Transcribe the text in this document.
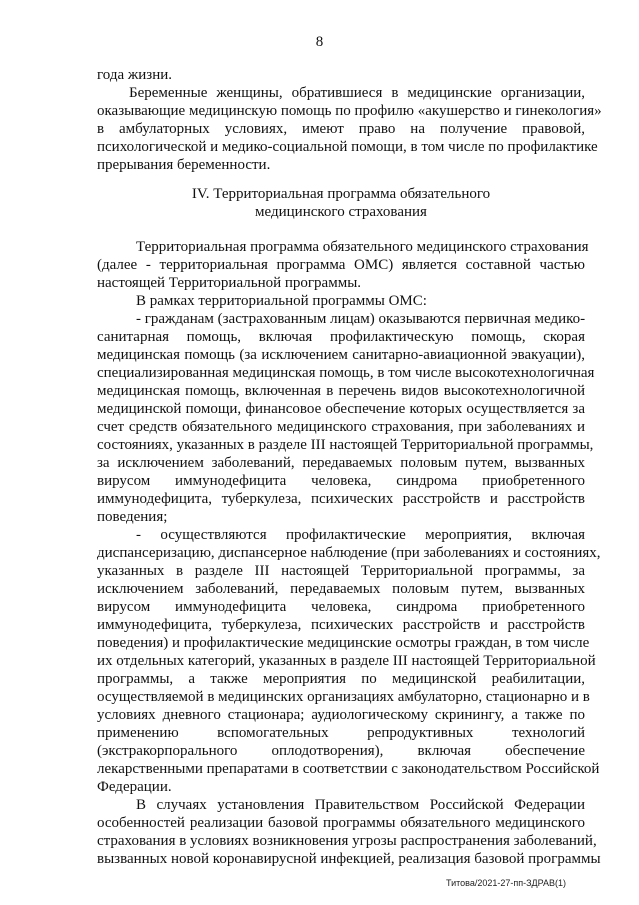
8
года жизни.
Беременные женщины, обратившиеся в медицинские организации,
оказывающие медицинскую помощь по профилю «акушерство и гинекология»
в амбулаторных условиях, имеют право на получение правовой,
психологической и медико-социальной помощи, в том числе по профилактике
прерывания беременности.
IV. Территориальная программа обязательного
медицинского страхования
Территориальная программа обязательного медицинского страхования
(далее - территориальная программа ОМС) является составной частью
настоящей Территориальной программы.
В рамках территориальной программы ОМС:
- гражданам (застрахованным лицам) оказываются первичная медико-
санитарная помощь, включая профилактическую помощь, скорая
медицинская помощь (за исключением санитарно-авиационной эвакуации),
специализированная медицинская помощь, в том числе высокотехнологичная
медицинская помощь, включенная в перечень видов высокотехнологичной
медицинской помощи, финансовое обеспечение которых осуществляется за
счет средств обязательного медицинского страхования, при заболеваниях и
состояниях, указанных в разделе III настоящей Территориальной программы,
за исключением заболеваний, передаваемых половым путем, вызванных
вирусом иммунодефицита человека, синдрома приобретенного
иммунодефицита, туберкулеза, психических расстройств и расстройств
поведения;
- осуществляются профилактические мероприятия, включая
диспансеризацию, диспансерное наблюдение (при заболеваниях и состояниях,
указанных в разделе III настоящей Территориальной программы, за
исключением заболеваний, передаваемых половым путем, вызванных
вирусом иммунодефицита человека, синдрома приобретенного
иммунодефицита, туберкулеза, психических расстройств и расстройств
поведения) и профилактические медицинские осмотры граждан, в том числе
их отдельных категорий, указанных в разделе III настоящей Территориальной
программы, а также мероприятия по медицинской реабилитации,
осуществляемой в медицинских организациях амбулаторно, стационарно и в
условиях дневного стационара; аудиологическому скринингу, а также по
применению вспомогательных репродуктивных технологий
(экстракорпорального оплодотворения), включая обеспечение
лекарственными препаратами в соответствии с законодательством Российской
Федерации.
В случаях установления Правительством Российской Федерации
особенностей реализации базовой программы обязательного медицинского
страхования в условиях возникновения угрозы распространения заболеваний,
вызванных новой коронавирусной инфекцией, реализация базовой программы
Титова/2021-27-пп-ЗДРАВ(1)
